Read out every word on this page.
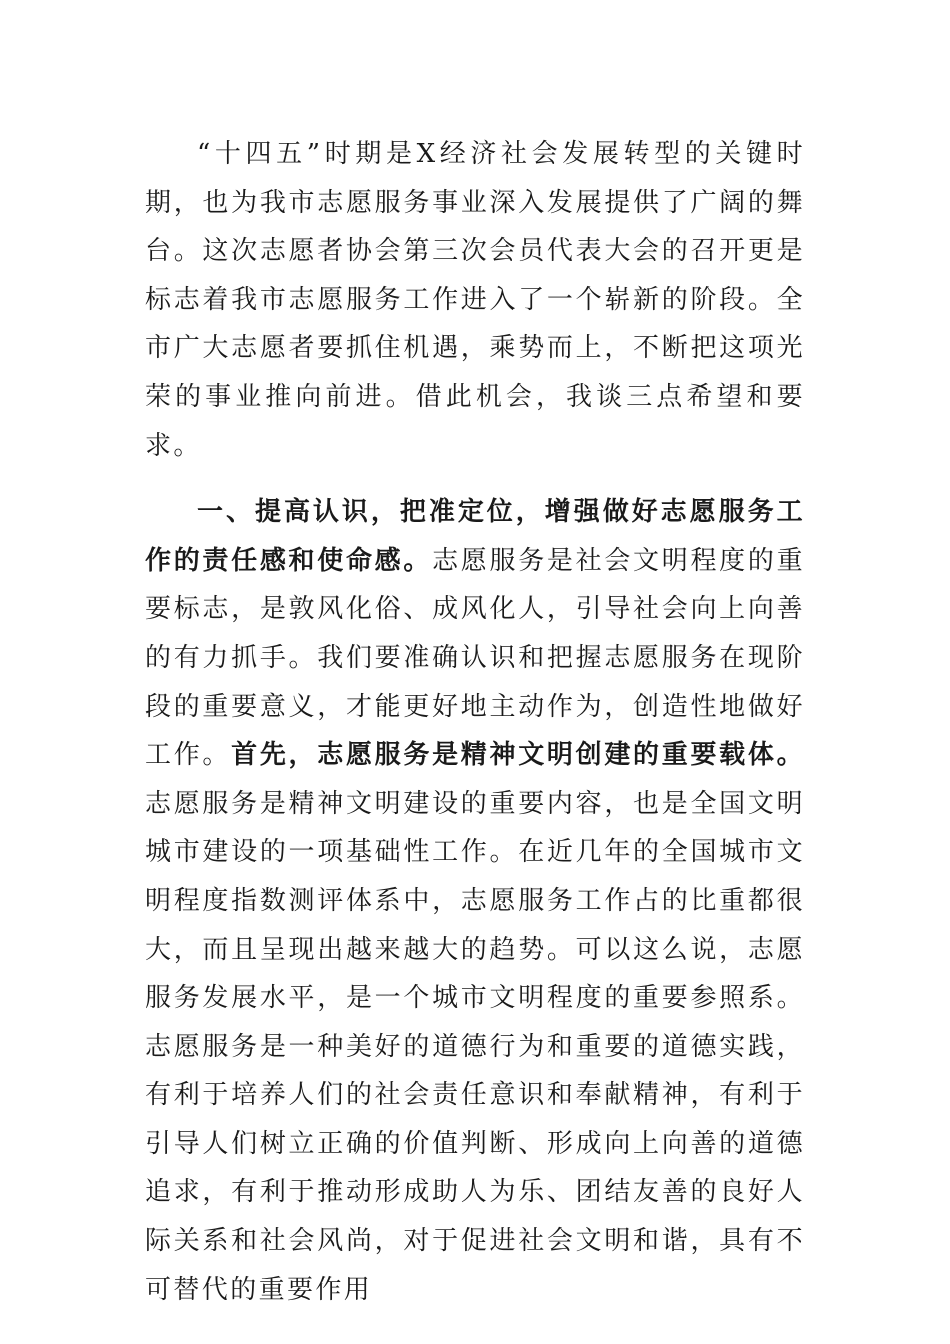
“十四五”时期是X经济社会发展转型的关键时期，也为我市志愿服务事业深入发展提供了广阔的舞台。这次志愿者协会第三次会员代表大会的召开更是标志着我市志愿服务工作进入了一个崭新的阶段。全市广大志愿者要抓住机遇，乘势而上，不断把这项光荣的事业推向前进。借此机会，我谈三点希望和要求。

一、提高认识，把准定位，增强做好志愿服务工作的责任感和使命感。志愿服务是社会文明程度的重要标志，是敦风化俗、成风化人，引导社会向上向善的有力抓手。我们要准确认识和把握志愿服务在现阶段的重要意义，才能更好地主动作为，创造性地做好工作。首先，志愿服务是精神文明创建的重要载体。志愿服务是精神文明建设的重要内容，也是全国文明城市建设的一项基础性工作。在近几年的全国城市文明程度指数测评体系中，志愿服务工作占的比重都很大，而且呈现出越来越大的趋势。可以这么说，志愿服务发展水平，是一个城市文明程度的重要参照系。志愿服务是一种美好的道德行为和重要的道德实践，有利于培养人们的社会责任意识和奉献精神，有利于引导人们树立正确的价值判断、形成向上向善的道德追求，有利于推动形成助人为乐、团结友善的良好人际关系和社会风尚，对于促进社会文明和谐，具有不可替代的重要作用
